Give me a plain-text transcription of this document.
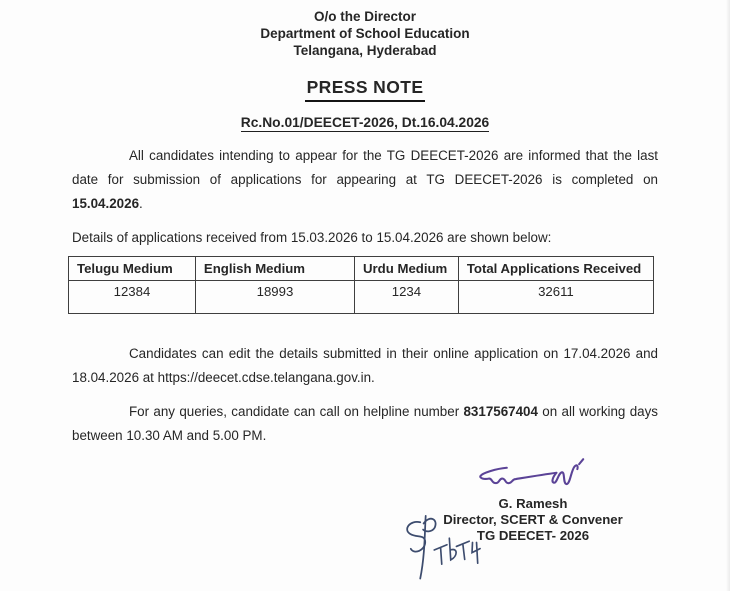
O/o the Director
Department of School Education
Telangana, Hyderabad
PRESS NOTE
Rc.No.01/DEECET-2026, Dt.16.04.2026

All candidates intending to appear for the TG DEECET-2026 are informed that the last date for submission of applications for appearing at TG DEECET-2026 is completed on 15.04.2026.

Details of applications received from 15.03.2026 to 15.04.2026 are shown below:

Telugu Medium	English Medium	Urdu Medium	Total Applications Received
12384	18993	1234	32611

Candidates can edit the details submitted in their online application on 17.04.2026 and 18.04.2026 at https://deecet.cdse.telangana.gov.in.

For any queries, candidate can call on helpline number 8317567404 on all working days between 10.30 AM and 5.00 PM.

G. Ramesh
Director, SCERT & Convener
TG DEECET- 2026
